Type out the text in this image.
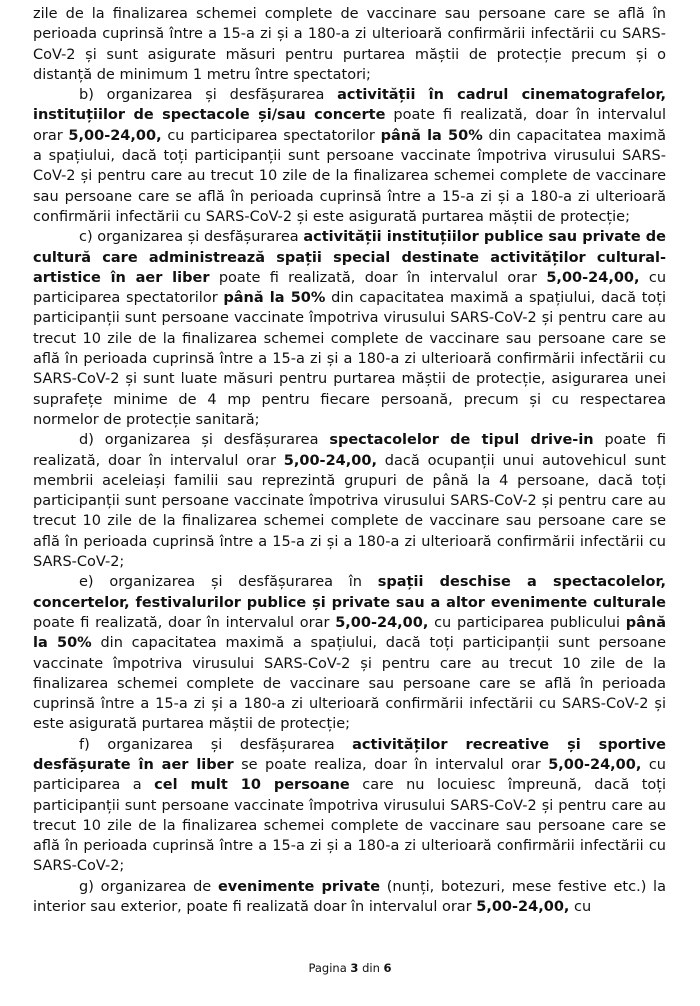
zile de la finalizarea schemei complete de vaccinare sau persoane care se află în perioada cuprinsă între a 15-a zi și a 180-a zi ulterioară confirmării infectării cu SARS-CoV-2 și sunt asigurate măsuri pentru purtarea măștii de protecție precum și o distanță de minimum 1 metru între spectatori;

b) organizarea și desfășurarea activității în cadrul cinematografelor, instituțiilor de spectacole și/sau concerte poate fi realizată, doar în intervalul orar 5,00-24,00, cu participarea spectatorilor până la 50% din capacitatea maximă a spațiului, dacă toți participanții sunt persoane vaccinate împotriva virusului SARS-CoV-2 și pentru care au trecut 10 zile de la finalizarea schemei complete de vaccinare sau persoane care se află în perioada cuprinsă între a 15-a zi și a 180-a zi ulterioară confirmării infectării cu SARS-CoV-2 și este asigurată purtarea măștii de protecție;

c) organizarea și desfășurarea activității instituțiilor publice sau private de cultură care administrează spații special destinate activităților cultural-artistice în aer liber poate fi realizată, doar în intervalul orar 5,00-24,00, cu participarea spectatorilor până la 50% din capacitatea maximă a spațiului, dacă toți participanții sunt persoane vaccinate împotriva virusului SARS-CoV-2 și pentru care au trecut 10 zile de la finalizarea schemei complete de vaccinare sau persoane care se află în perioada cuprinsă între a 15-a zi și a 180-a zi ulterioară confirmării infectării cu SARS-CoV-2 și sunt luate măsuri pentru purtarea măștii de protecție, asigurarea unei suprafețe minime de 4 mp pentru fiecare persoană, precum și cu respectarea normelor de protecție sanitară;

d) organizarea și desfășurarea spectacolelor de tipul drive-in poate fi realizată, doar în intervalul orar 5,00-24,00, dacă ocupanții unui autovehicul sunt membrii aceleiași familii sau reprezintă grupuri de până la 4 persoane, dacă toți participanții sunt persoane vaccinate împotriva virusului SARS-CoV-2 și pentru care au trecut 10 zile de la finalizarea schemei complete de vaccinare sau persoane care se află în perioada cuprinsă între a 15-a zi și a 180-a zi ulterioară confirmării infectării cu SARS-CoV-2;

e) organizarea și desfășurarea în spații deschise a spectacolelor, concertelor, festivalurilor publice și private sau a altor evenimente culturale poate fi realizată, doar în intervalul orar 5,00-24,00, cu participarea publicului până la 50% din capacitatea maximă a spațiului, dacă toți participanții sunt persoane vaccinate împotriva virusului SARS-CoV-2 și pentru care au trecut 10 zile de la finalizarea schemei complete de vaccinare sau persoane care se află în perioada cuprinsă între a 15-a zi și a 180-a zi ulterioară confirmării infectării cu SARS-CoV-2 și este asigurată purtarea măștii de protecție;

f) organizarea și desfășurarea activităților recreative și sportive desfășurate în aer liber se poate realiza, doar în intervalul orar 5,00-24,00, cu participarea a cel mult 10 persoane care nu locuiesc împreună, dacă toți participanții sunt persoane vaccinate împotriva virusului SARS-CoV-2 și pentru care au trecut 10 zile de la finalizarea schemei complete de vaccinare sau persoane care se află în perioada cuprinsă între a 15-a zi și a 180-a zi ulterioară confirmării infectării cu SARS-CoV-2;

g) organizarea de evenimente private (nunți, botezuri, mese festive etc.) la interior sau exterior, poate fi realizată doar în intervalul orar 5,00-24,00, cu

Pagina 3 din 6
